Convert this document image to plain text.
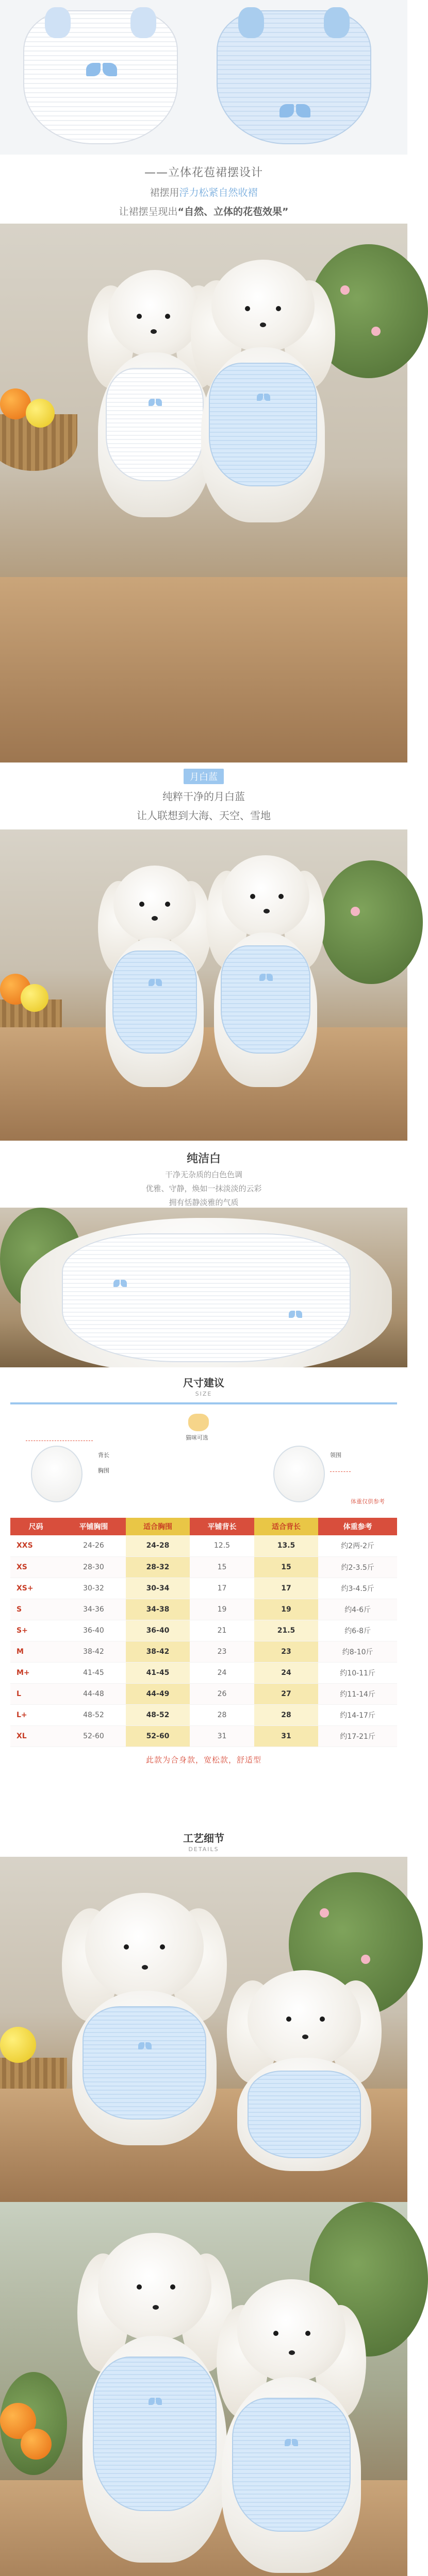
——立体花苞裙摆设计
裙摆用浮力松紧自然收褶
让裙摆呈现出“自然、立体的花苞效果”
月白蓝
纯粹干净的月白蓝
让人联想到大海、天空、雪地
纯洁白
干净无杂质的白色色调
优雅、守静，焕如一抹淡淡的云彩
拥有恬静淡雅的气质
尺寸建议
SIZE
猫咪可选
背长
胸围
领围
体重仅供参考
尺码	平铺胸围	适合胸围	平铺背长	适合背长	体重参考
XXS	24-26	24-28	12.5	13.5	约2两-2斤
XS	28-30	28-32	15	15	约2-3.5斤
XS+	30-32	30-34	17	17	约3-4.5斤
S	34-36	34-38	19	19	约4-6斤
S+	36-40	36-40	21	21.5	约6-8斤
M	38-42	38-42	23	23	约8-10斤
M+	41-45	41-45	24	24	约10-11斤
L	44-48	44-49	26	27	约11-14斤
L+	48-52	48-52	28	28	约14-17斤
XL	52-60	52-60	31	31	约17-21斤
此款为合身款，宽松款，舒适型
工艺细节
DETAILS
